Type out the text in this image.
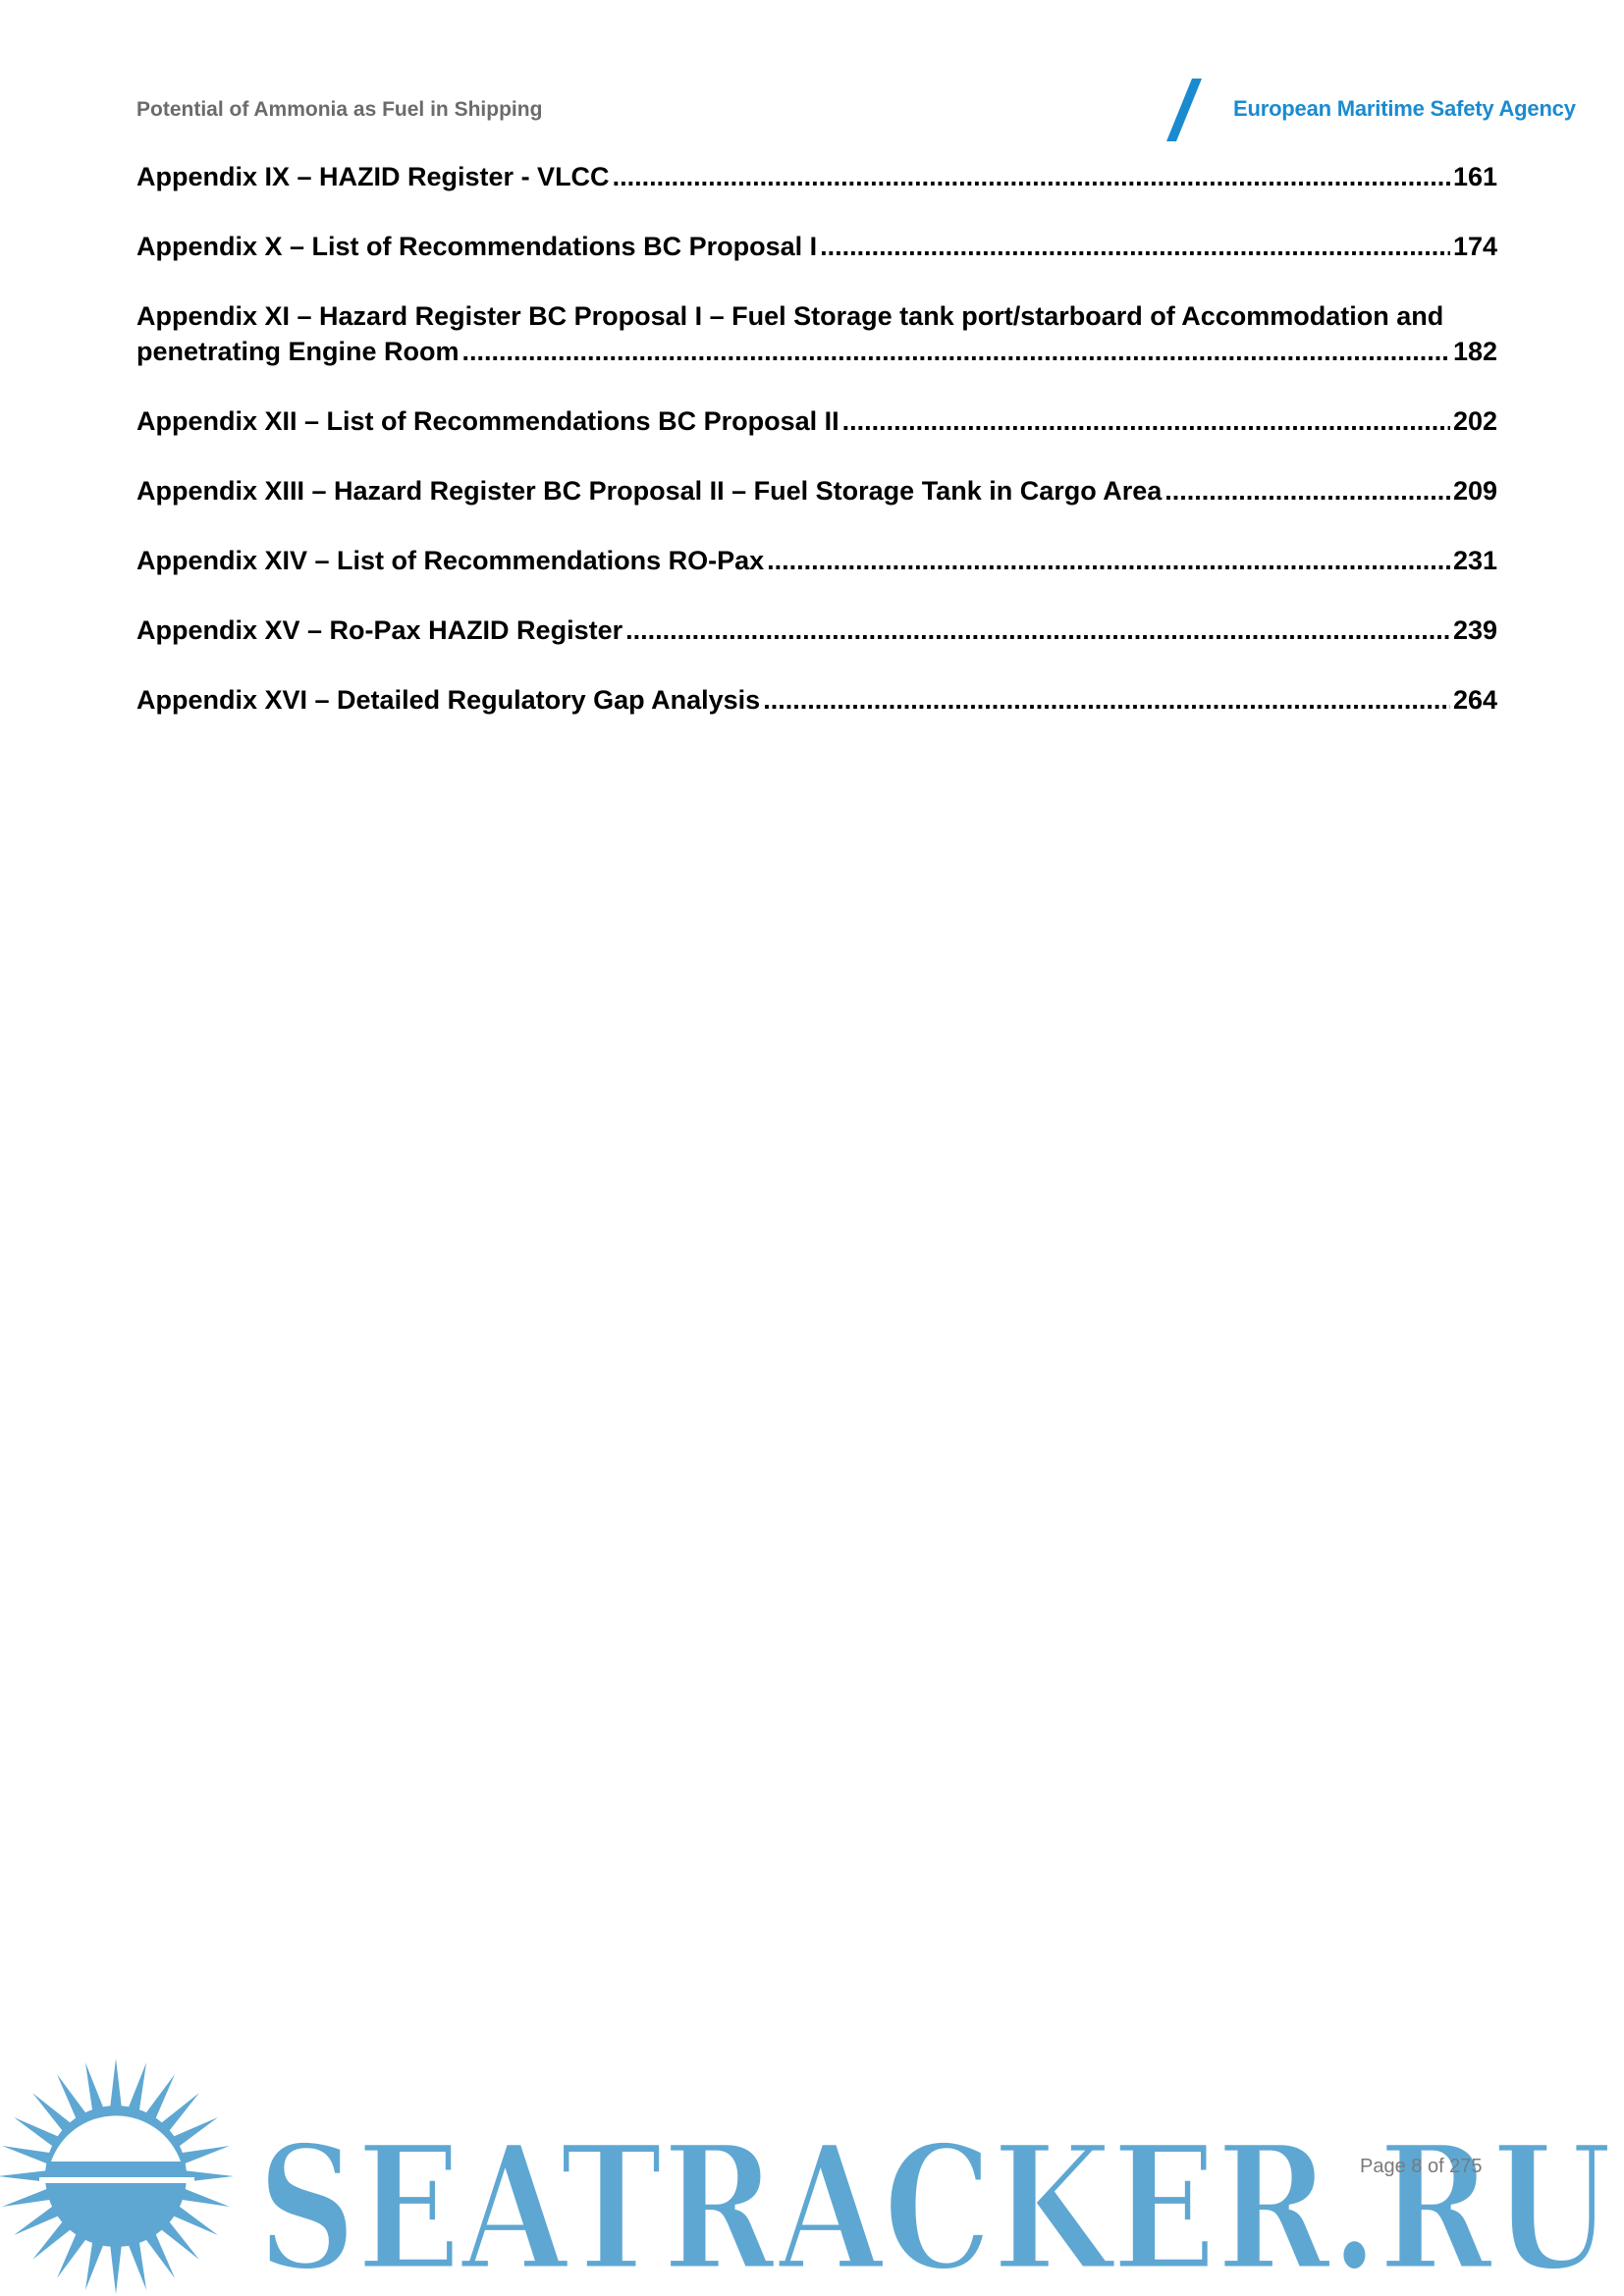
Potential of Ammonia as Fuel in Shipping	European Maritime Safety Agency
Appendix IX – HAZID Register - VLCC .....	161
Appendix X – List of Recommendations BC Proposal I .....	174
Appendix XI – Hazard Register BC Proposal I – Fuel Storage tank port/starboard of Accommodation and
penetrating Engine Room .....	182
Appendix XII – List of Recommendations BC Proposal II .....	202
Appendix XIII – Hazard Register BC Proposal II – Fuel Storage Tank in Cargo Area .....	209
Appendix XIV – List of Recommendations RO-Pax .....	231
Appendix XV – Ro-Pax HAZID Register .....	239
Appendix XVI – Detailed Regulatory Gap Analysis .....	264
SEATRACKER.RU
SEATRACKER.RU
Page 8 of 275
